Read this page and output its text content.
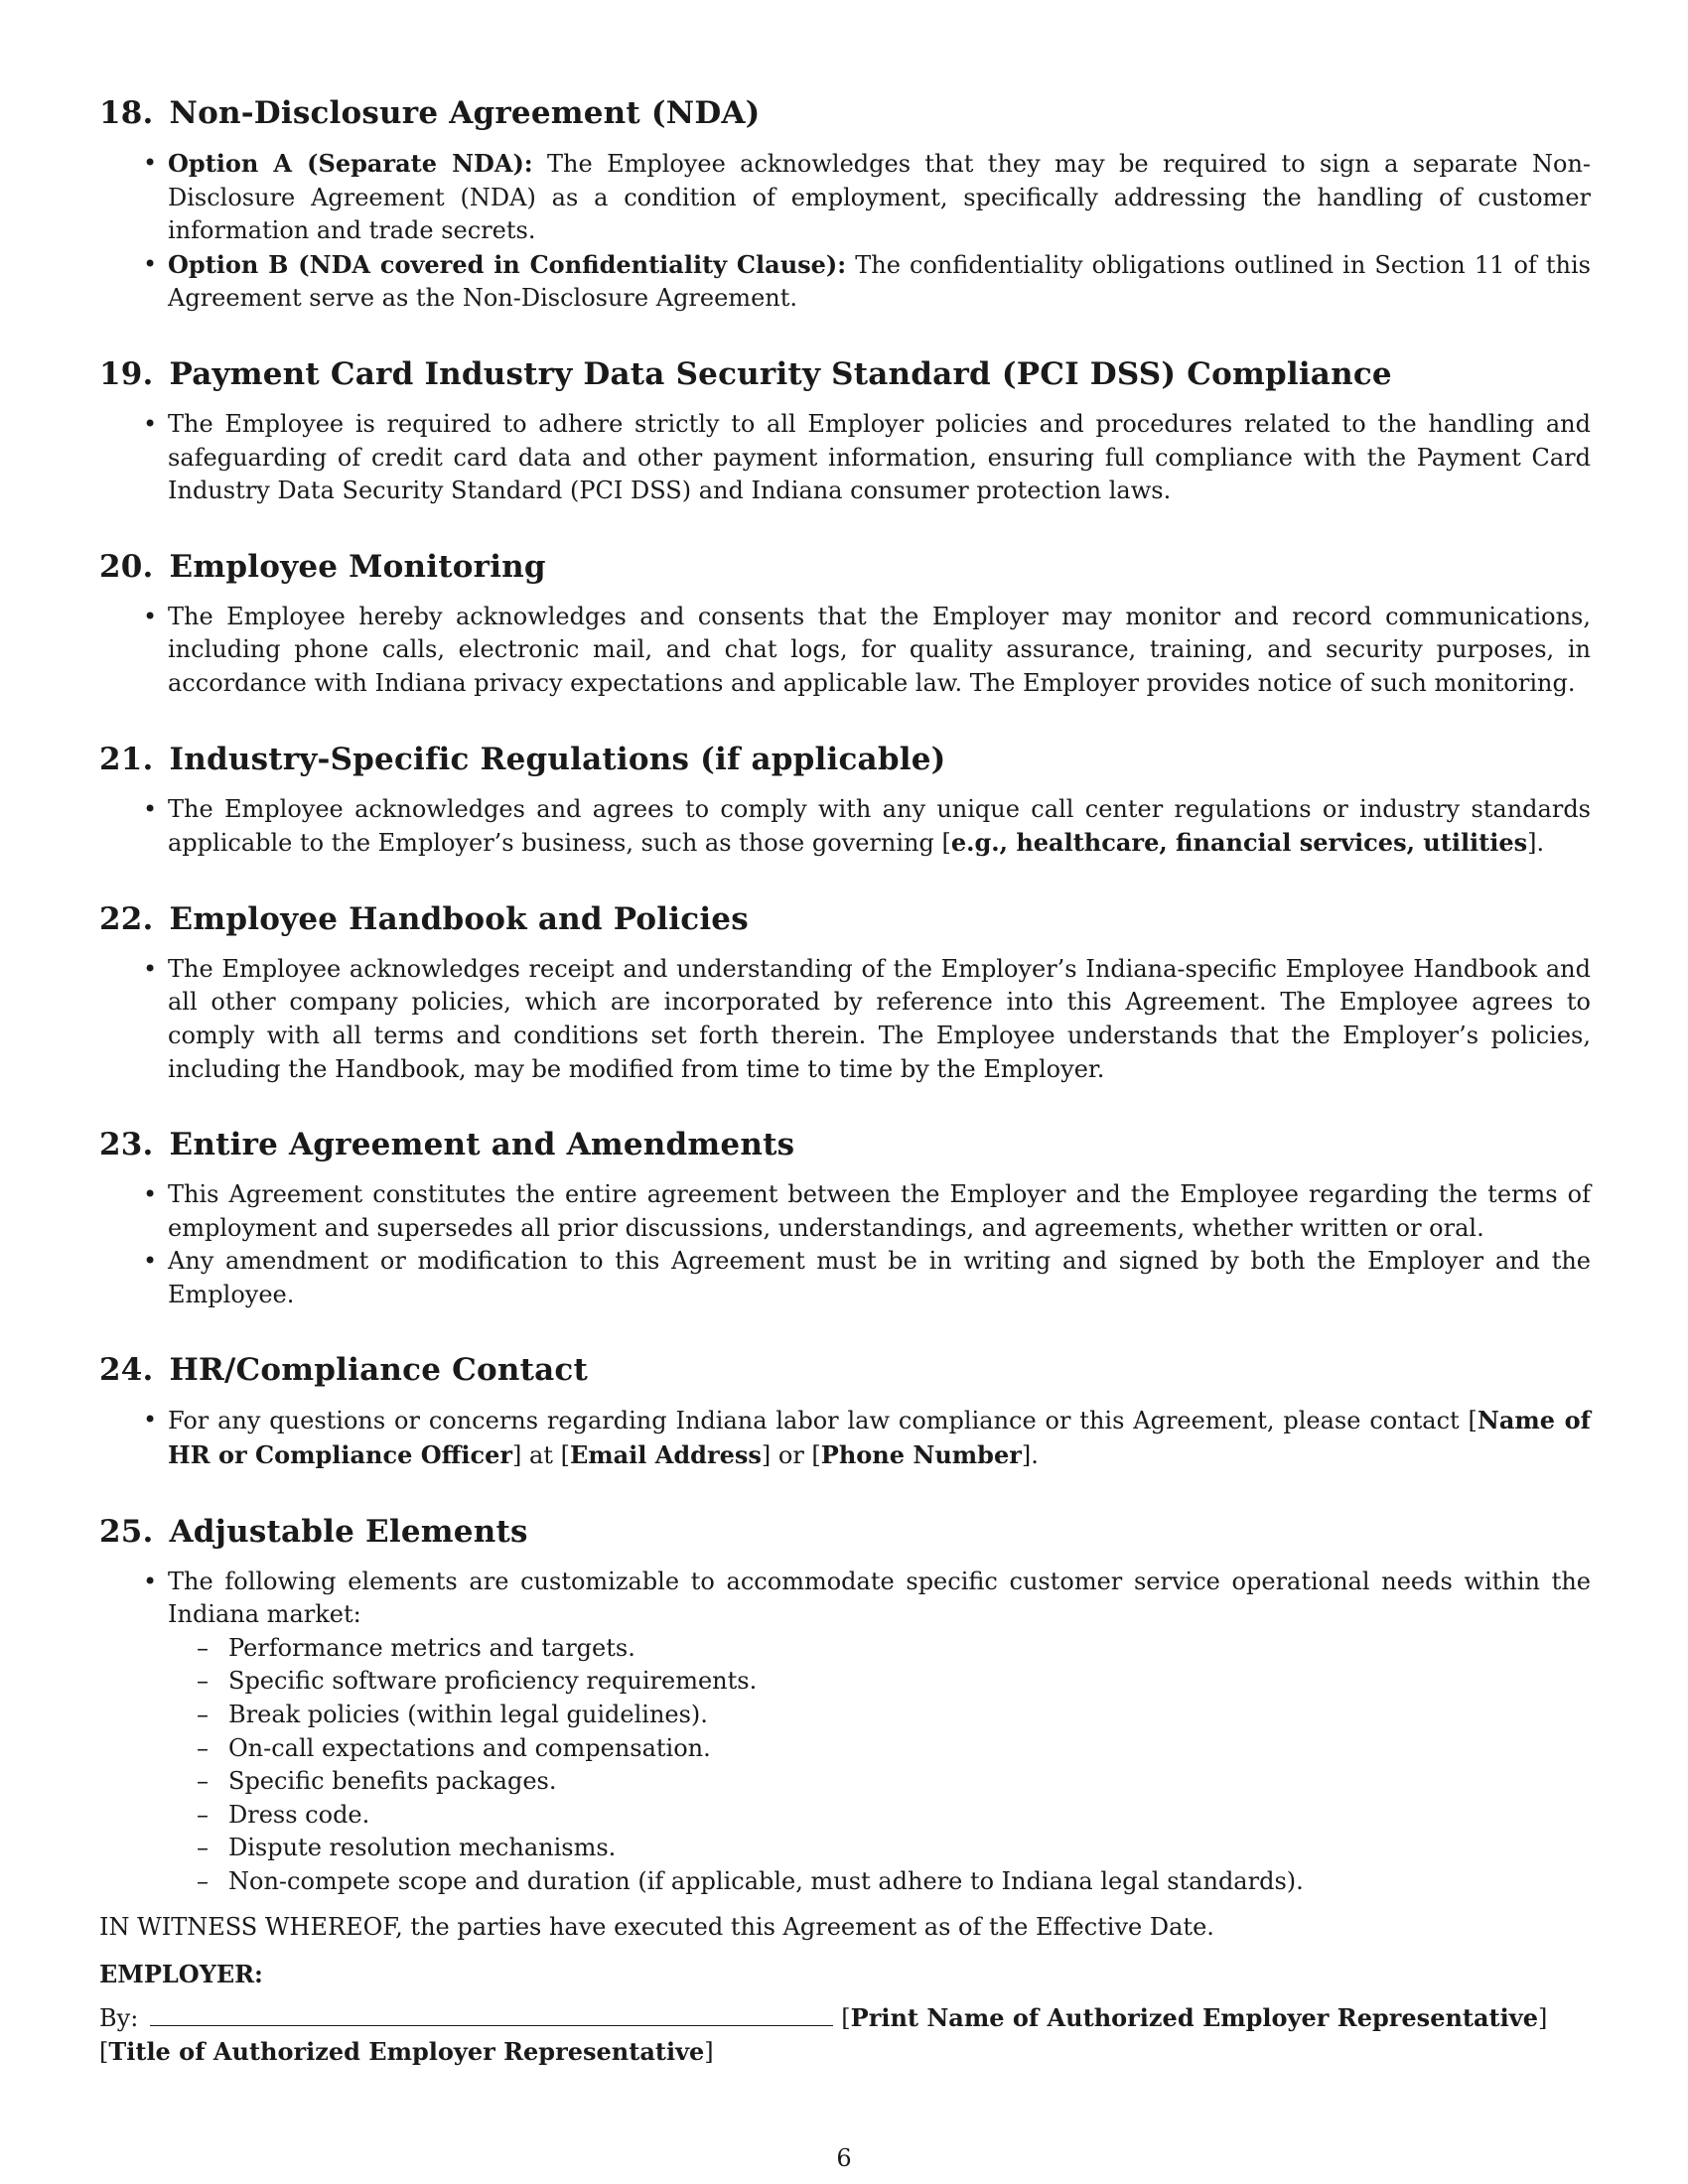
18. Non-Disclosure Agreement (NDA)
• Option A (Separate NDA): The Employee acknowledges that they may be required to sign a separate Non-Disclosure Agreement (NDA) as a condition of employment, specifically addressing the handling of customer information and trade secrets.
• Option B (NDA covered in Confidentiality Clause): The confidentiality obligations outlined in Section 11 of this Agreement serve as the Non-Disclosure Agreement.
19. Payment Card Industry Data Security Standard (PCI DSS) Compliance
• The Employee is required to adhere strictly to all Employer policies and procedures related to the handling and safeguarding of credit card data and other payment information, ensuring full compliance with the Payment Card Industry Data Security Standard (PCI DSS) and Indiana consumer protection laws.
20. Employee Monitoring
• The Employee hereby acknowledges and consents that the Employer may monitor and record communications, including phone calls, electronic mail, and chat logs, for quality assurance, training, and security purposes, in accordance with Indiana privacy expectations and applicable law. The Employer provides notice of such monitoring.
21. Industry-Specific Regulations (if applicable)
• The Employee acknowledges and agrees to comply with any unique call center regulations or industry standards applicable to the Employer’s business, such as those governing [e.g., healthcare, financial services, utilities].
22. Employee Handbook and Policies
• The Employee acknowledges receipt and understanding of the Employer’s Indiana-specific Employee Handbook and all other company policies, which are incorporated by reference into this Agreement. The Employee agrees to comply with all terms and conditions set forth therein. The Employee understands that the Employer’s policies, including the Handbook, may be modified from time to time by the Employer.
23. Entire Agreement and Amendments
• This Agreement constitutes the entire agreement between the Employer and the Employee regarding the terms of employment and supersedes all prior discussions, understandings, and agreements, whether written or oral.
• Any amendment or modification to this Agreement must be in writing and signed by both the Employer and the Employee.
24. HR/Compliance Contact
• For any questions or concerns regarding Indiana labor law compliance or this Agreement, please contact [Name of HR or Compliance Officer] at [Email Address] or [Phone Number].
25. Adjustable Elements
• The following elements are customizable to accommodate specific customer service operational needs within the Indiana market:
– Performance metrics and targets.
– Specific software proficiency requirements.
– Break policies (within legal guidelines).
– On-call expectations and compensation.
– Specific benefits packages.
– Dress code.
– Dispute resolution mechanisms.
– Non-compete scope and duration (if applicable, must adhere to Indiana legal standards).

IN WITNESS WHEREOF, the parties have executed this Agreement as of the Effective Date.

EMPLOYER:

By:	[ Print Name of Authorized Employer Representative ]
[Title of Authorized Employer Representative]
6
